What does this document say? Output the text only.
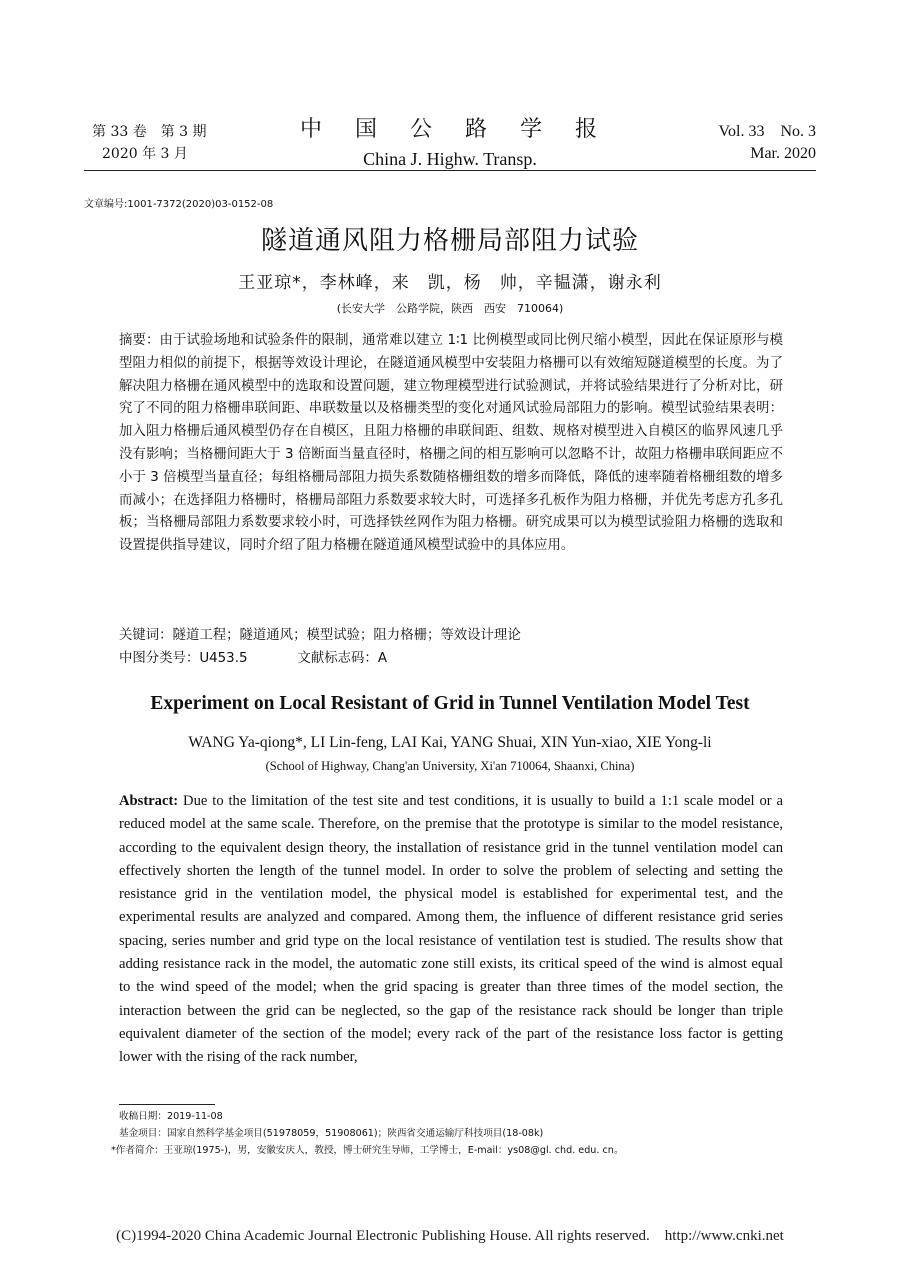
第 33 卷　第 3 期
2020 年 3 月
中 国 公 路 学 报
China J. Highw. Transp.
Vol. 33　No. 3
Mar. 2020
文章编号:1001-7372(2020)03-0152-08
隧道通风阻力格栅局部阻力试验
王亚琼*，李林峰，来　凯，杨　帅，辛韫潇，谢永利
(长安大学　公路学院，陕西　西安　710064)
摘要：由于试验场地和试验条件的限制，通常难以建立 1∶1 比例模型或同比例尺缩小模型，因此在保证原形与模型阻力相似的前提下，根据等效设计理论，在隧道通风模型中安装阻力格栅可以有效缩短隧道模型的长度。为了解决阻力格栅在通风模型中的选取和设置问题，建立物理模型进行试验测试，并将试验结果进行了分析对比，研究了不同的阻力格栅串联间距、串联数量以及格栅类型的变化对通风试验局部阻力的影响。模型试验结果表明：加入阻力格栅后通风模型仍存在自模区，且阻力格栅的串联间距、组数、规格对模型进入自模区的临界风速几乎没有影响；当格栅间距大于 3 倍断面当量直径时，格栅之间的相互影响可以忽略不计，故阻力格栅串联间距应不小于 3 倍模型当量直径；每组格栅局部阻力损失系数随格栅组数的增多而降低，降低的速率随着格栅组数的增多而减小；在选择阻力格栅时，格栅局部阻力系数要求较大时，可选择多孔板作为阻力格栅，并优先考虑方孔多孔板；当格栅局部阻力系数要求较小时，可选择铁丝网作为阻力格栅。研究成果可以为模型试验阻力格栅的选取和设置提供指导建议，同时介绍了阻力格栅在隧道通风模型试验中的具体应用。
关键词：隧道工程；隧道通风；模型试验；阻力格栅；等效设计理论
中图分类号：U453.5	文献标志码：A
Experiment on Local Resistant of Grid in Tunnel Ventilation Model Test
WANG Ya-qiong*, LI Lin-feng, LAI Kai, YANG Shuai, XIN Yun-xiao, XIE Yong-li
(School of Highway, Chang'an University, Xi'an 710064, Shaanxi, China)
Abstract: Due to the limitation of the test site and test conditions, it is usually to build a 1:1 scale model or a reduced model at the same scale. Therefore, on the premise that the prototype is similar to the model resistance, according to the equivalent design theory, the installation of resistance grid in the tunnel ventilation model can effectively shorten the length of the tunnel model. In order to solve the problem of selecting and setting the resistance grid in the ventilation model, the physical model is established for experimental test, and the experimental results are analyzed and compared. Among them, the influence of different resistance grid series spacing, series number and grid type on the local resistance of ventilation test is studied. The results show that adding resistance rack in the model, the automatic zone still exists, its critical speed of the wind is almost equal to the wind speed of the model; when the grid spacing is greater than three times of the model section, the interaction between the grid can be neglected, so the gap of the resistance rack should be longer than triple equivalent diameter of the section of the model; every rack of the part of the resistance loss factor is getting lower with the rising of the rack number,
收稿日期：2019-11-08
基金项目：国家自然科学基金项目(51978059，51908061)；陕西省交通运输厅科技项目(18-08k)
*作者简介：王亚琼(1975-)，男，安徽安庆人，教授，博士研究生导师，工学博士，E-mail：ys08@gl. chd. edu. cn。
(C)1994-2020 China Academic Journal Electronic Publishing House. All rights reserved.　http://www.cnki.net
